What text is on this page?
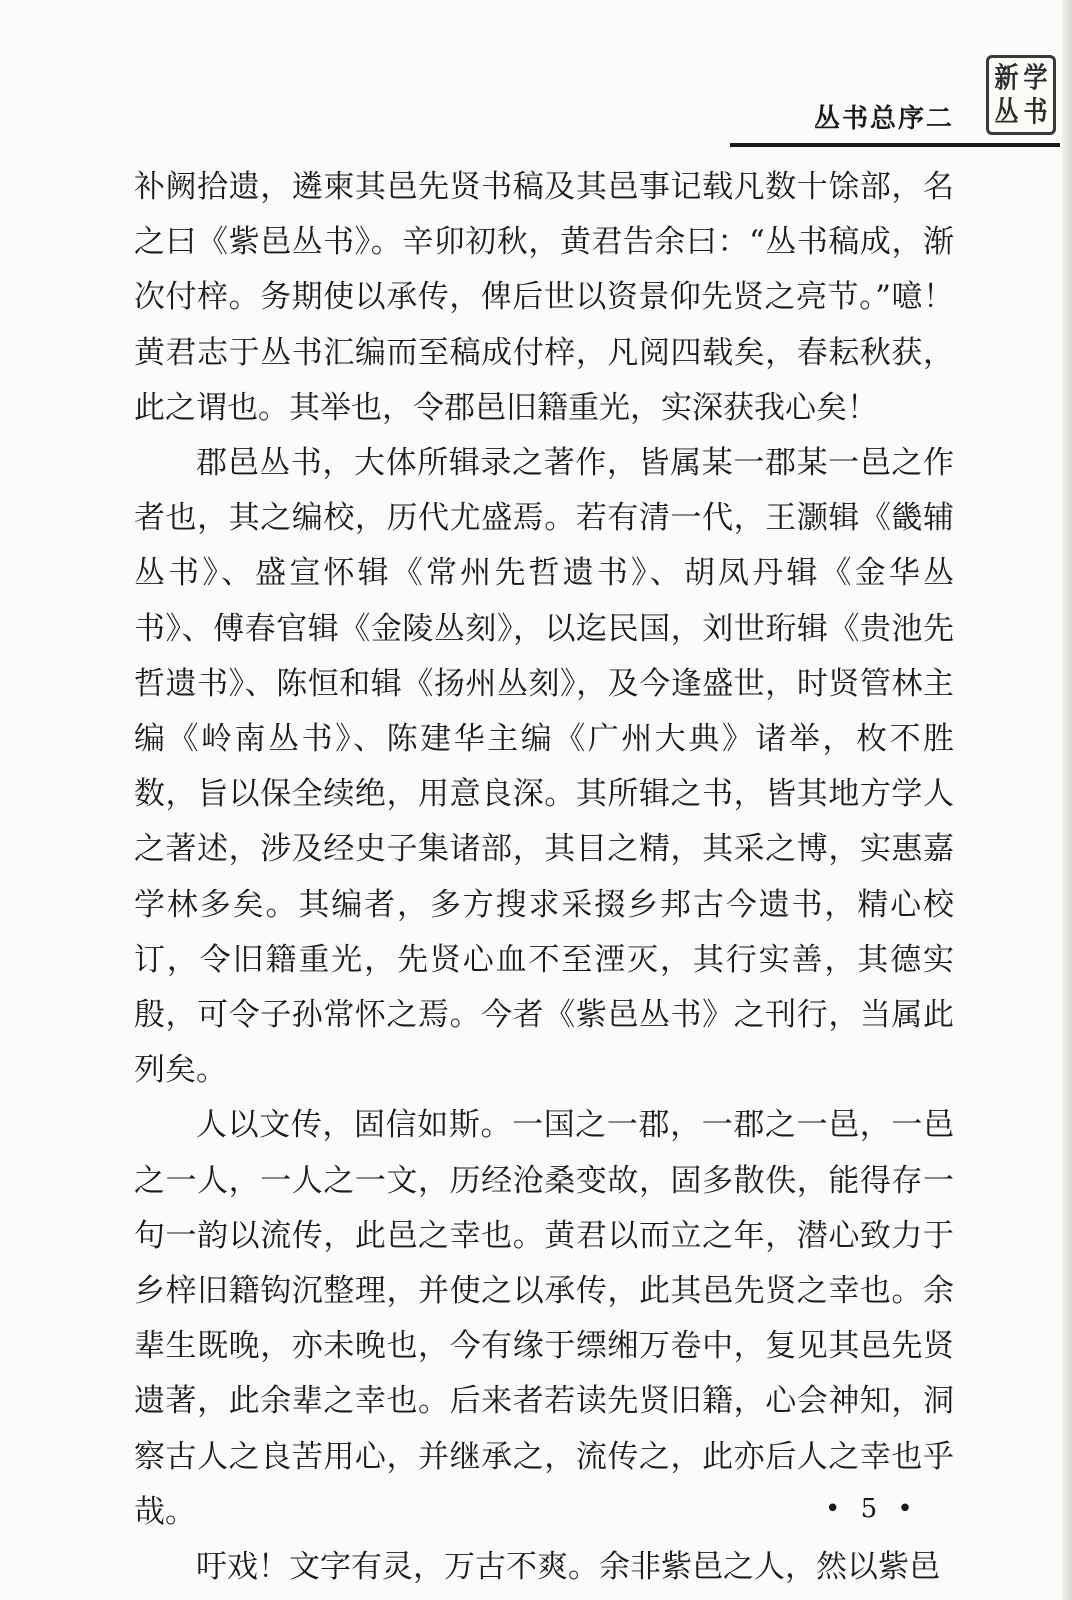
新 学
丛 书
丛书总序二

补阙拾遗，遴柬其邑先贤书稿及其邑事记载凡数十馀部，名之曰《紫邑丛书》。辛卯初秋，黄君告余曰：“丛书稿成，渐次付梓。务期使以承传，俾后世以资景仰先贤之亮节。”噫！黄君志于丛书汇编而至稿成付梓，凡阅四载矣，春耘秋获，此之谓也。其举也，令郡邑旧籍重光，实深获我心矣！

郡邑丛书，大体所辑录之著作，皆属某一郡某一邑之作者也，其之编校，历代尤盛焉。若有清一代，王灏辑《畿辅丛书》、盛宣怀辑《常州先哲遗书》、胡凤丹辑《金华丛书》、傅春官辑《金陵丛刻》，以迄民国，刘世珩辑《贵池先哲遗书》、陈恒和辑《扬州丛刻》，及今逢盛世，时贤管林主编《岭南丛书》、陈建华主编《广州大典》诸举，枚不胜数，旨以保全续绝，用意良深。其所辑之书，皆其地方学人之著述，涉及经史子集诸部，其目之精，其采之博，实惠嘉学林多矣。其编者，多方搜求采掇乡邦古今遗书，精心校订，令旧籍重光，先贤心血不至湮灭，其行实善，其德实殷，可令子孙常怀之焉。今者《紫邑丛书》之刊行，当属此列矣。

人以文传，固信如斯。一国之一郡，一郡之一邑，一邑之一人，一人之一文，历经沧桑变故，固多散佚，能得存一句一韵以流传，此邑之幸也。黄君以而立之年，潜心致力于乡梓旧籍钩沉整理，并使之以承传，此其邑先贤之幸也。余辈生既晚，亦未晚也，今有缘于缥缃万卷中，复见其邑先贤遗著，此余辈之幸也。后来者若读先贤旧籍，心会神知，洞察古人之良苦用心，并继承之，流传之，此亦后人之幸也乎哉。

吁戏！文字有灵，万古不爽。余非紫邑之人，然以紫邑

• 5 •
